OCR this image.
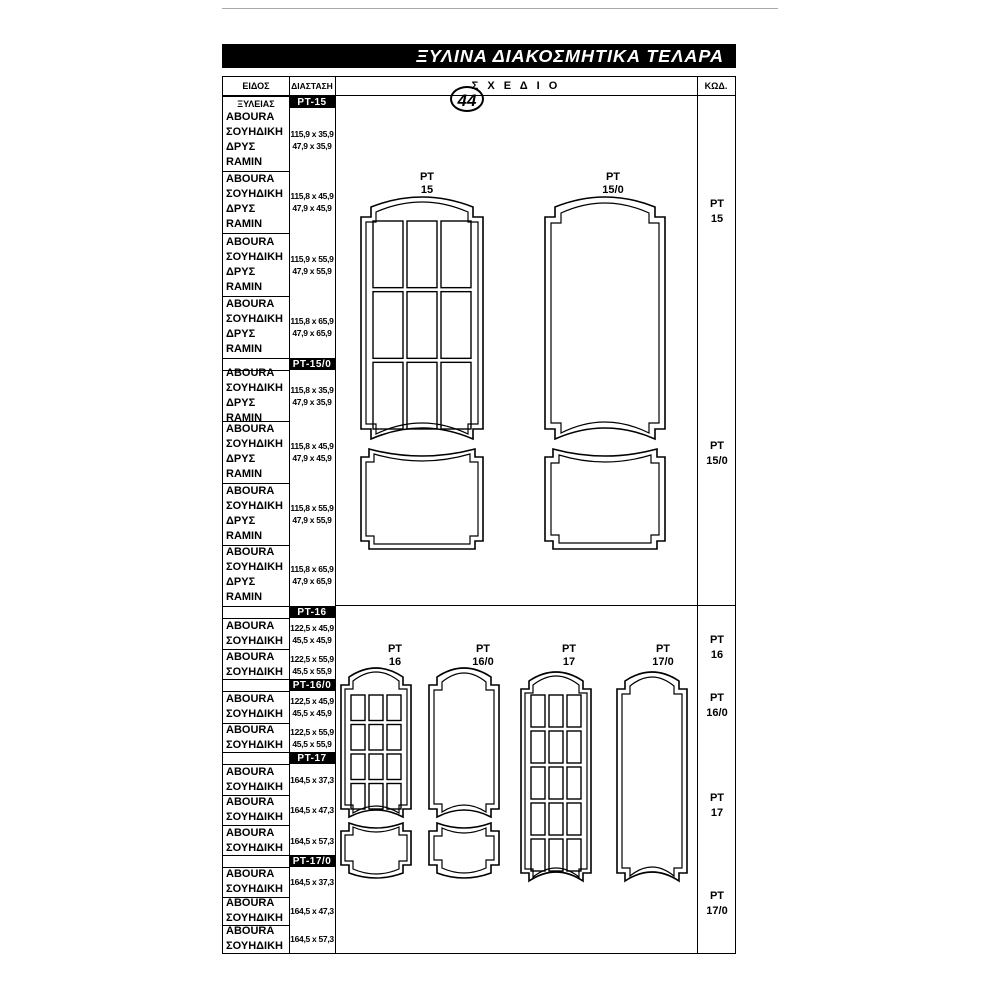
44
ΞΥΛΙΝΑ ΔΙΑΚΟΣΜΗΤΙΚΑ ΤΕΛΑΡΑ
ΕΙΔΟΣ ΞΥΛΕΙΑΣ
ΔΙΑΣΤΑΣΗ	Σ Χ Ε Δ Ι Ο	ΚΩΔ.
PT-15
ABOURA
ΣΟΥΗΔΙΚΗ
ΔΡΥΣ
RAMIN
115,9 x 35,9
47,9 x 35,9
ABOURA
ΣΟΥΗΔΙΚΗ
ΔΡΥΣ
RAMIN
115,8 x 45,9
47,9 x 45,9
ABOURA
ΣΟΥΗΔΙΚΗ
ΔΡΥΣ
RAMIN
115,9 x 55,9
47,9 x 55,9
ABOURA
ΣΟΥΗΔΙΚΗ
ΔΡΥΣ
RAMIN
115,8 x 65,9
47,9 x 65,9
PT-15/0
ABOURA
ΣΟΥΗΔΙΚΗ
ΔΡΥΣ
RAMIN
115,8 x 35,9
47,9 x 35,9
ABOURA
ΣΟΥΗΔΙΚΗ
ΔΡΥΣ
RAMIN
115,8 x 45,9
47,9 x 45,9
ABOURA
ΣΟΥΗΔΙΚΗ
ΔΡΥΣ
RAMIN
115,8 x 55,9
47,9 x 55,9
ABOURA
ΣΟΥΗΔΙΚΗ
ΔΡΥΣ
RAMIN
115,8 x 65,9
47,9 x 65,9
PT-16
ABOURA
ΣΟΥΗΔΙΚΗ
122,5 x 45,9
45,5 x 45,9
ABOURA
ΣΟΥΗΔΙΚΗ
122,5 x 55,9
45,5 x 55,9
PT-16/0
ABOURA
ΣΟΥΗΔΙΚΗ
122,5 x 45,9
45,5 x 45,9
ABOURA
ΣΟΥΗΔΙΚΗ
122,5 x 55,9
45,5 x 55,9
PT-17
ABOURA
ΣΟΥΗΔΙΚΗ
164,5 x 37,3
ABOURA
ΣΟΥΗΔΙΚΗ
164,5 x 47,3
ABOURA
ΣΟΥΗΔΙΚΗ
164,5 x 57,3
PT-17/0
ABOURA
ΣΟΥΗΔΙΚΗ
164,5 x 37,3
ABOURA
ΣΟΥΗΔΙΚΗ
164,5 x 47,3
ABOURA
ΣΟΥΗΔΙΚΗ
164,5 x 57,3
PT
15
PT
15/0
PT
16
PT
16/0
PT
17
PT
17/0
PT
15
PT
15/0
PT
16
PT
16/0
PT
17
PT
17/0
